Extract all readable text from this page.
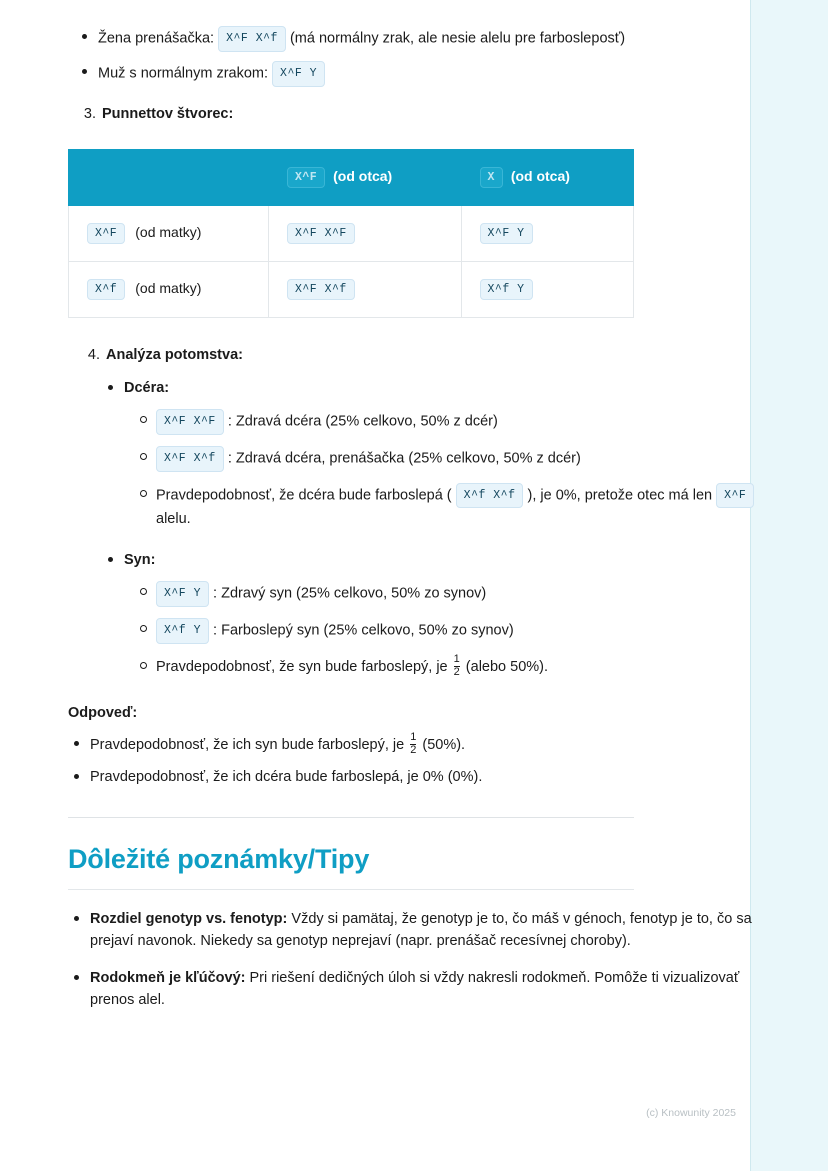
Žena prenášačka: X^F X^f (má normálny zrak, ale nesie alelu pre farbosleposť)
Muž s normálnym zrakom: X^F Y
3. Punnettov štvorec:
	X^F (od otca)	X (od otca)
X^F (od matky)	X^F X^F	X^F Y
X^f (od matky)	X^F X^f	X^f Y
4. Analýza potomstva:
Dcéra:
X^F X^F : Zdravá dcéra (25% celkovo, 50% z dcér)
X^F X^f : Zdravá dcéra, prenášačka (25% celkovo, 50% z dcér)
Pravdepodobnosť, že dcéra bude farboslepá ( X^f X^f ), je 0%, pretože otec má len X^F alelu.
Syn:
X^F Y : Zdravý syn (25% celkovo, 50% zo synov)
X^f Y : Farboslepý syn (25% celkovo, 50% zo synov)
Pravdepodobnosť, že syn bude farboslepý, je $\frac{1}{2}$ (alebo 50%).
Odpoveď:
Pravdepodobnosť, že ich syn bude farboslepý, je $\frac{1}{2} (50\%)$.
Pravdepodobnosť, že ich dcéra bude farboslepá, je 0% (0%).
Dôležité poznámky/Tipy
Rozdiel genotyp vs. fenotyp: Vždy si pamätaj, že genotyp je to, čo máš v génoch, fenotyp je to, čo sa prejaví navonok. Niekedy sa genotyp neprejaví (napr. prenášač recesívnej choroby).
Rodokmeň je kľúčový: Pri riešení dedičných úloh si vždy nakresli rodokmeň. Pomôže ti vizualizovať prenos alel.
(c) Knowunity 2025
